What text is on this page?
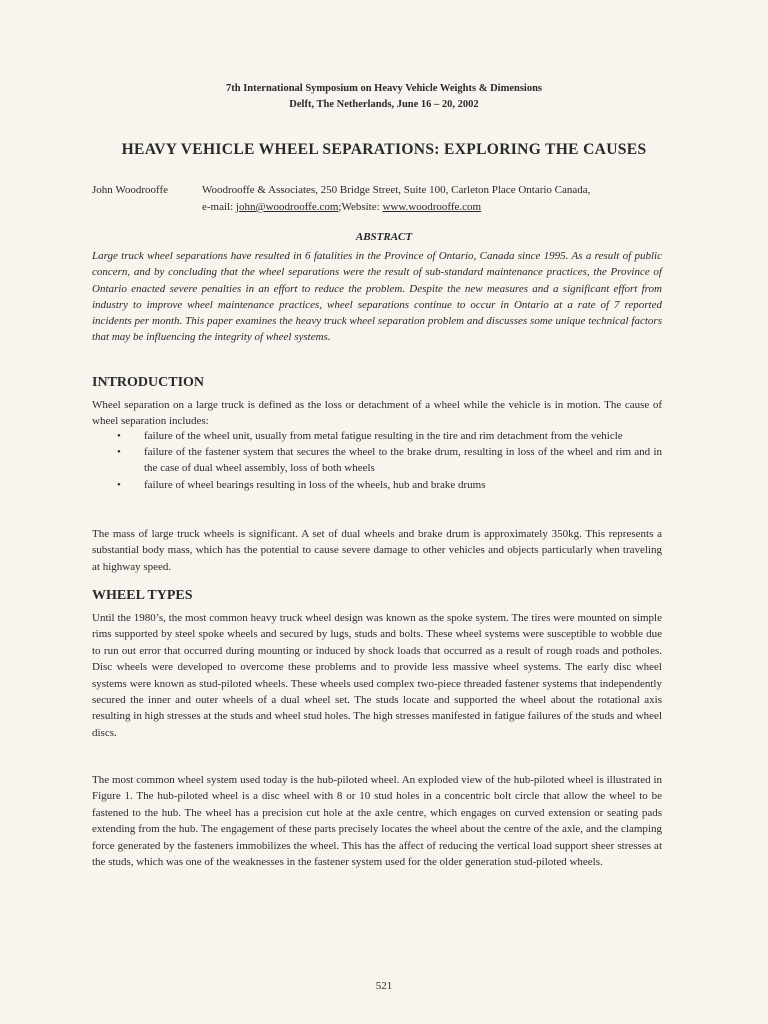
7th International Symposium on Heavy Vehicle Weights & Dimensions
Delft, The Netherlands, June 16 – 20, 2002
HEAVY VEHICLE WHEEL SEPARATIONS: EXPLORING THE CAUSES
John Woodrooffe	Woodrooffe & Associates, 250 Bridge Street, Suite 100, Carleton Place Ontario Canada,
e-mail: john@woodrooffe.com;Website: www.woodrooffe.com
ABSTRACT
Large truck wheel separations have resulted in 6 fatalities in the Province of Ontario, Canada since 1995. As a result of public concern, and by concluding that the wheel separations were the result of sub-standard maintenance practices, the Province of Ontario enacted severe penalties in an effort to reduce the problem. Despite the new measures and a significant effort from industry to improve wheel maintenance practices, wheel separations continue to occur in Ontario at a rate of 7 reported incidents per month. This paper examines the heavy truck wheel separation problem and discusses some unique technical factors that may be influencing the integrity of wheel systems.
INTRODUCTION
Wheel separation on a large truck is defined as the loss or detachment of a wheel while the vehicle is in motion. The cause of wheel separation includes:
• failure of the wheel unit, usually from metal fatigue resulting in the tire and rim detachment from the vehicle
• failure of the fastener system that secures the wheel to the brake drum, resulting in loss of the wheel and rim and in the case of dual wheel assembly, loss of both wheels
• failure of wheel bearings resulting in loss of the wheels, hub and brake drums
The mass of large truck wheels is significant. A set of dual wheels and brake drum is approximately 350kg. This represents a substantial body mass, which has the potential to cause severe damage to other vehicles and objects particularly when traveling at highway speed.
WHEEL TYPES
Until the 1980’s, the most common heavy truck wheel design was known as the spoke system. The tires were mounted on simple rims supported by steel spoke wheels and secured by lugs, studs and bolts. These wheel systems were susceptible to wobble due to run out error that occurred during mounting or induced by shock loads that occurred as a result of rough roads and potholes. Disc wheels were developed to overcome these problems and to provide less massive wheel systems. The early disc wheel systems were known as stud-piloted wheels. These wheels used complex two-piece threaded fastener systems that independently secured the inner and outer wheels of a dual wheel set. The studs locate and supported the wheel about the rotational axis resulting in high stresses at the studs and wheel stud holes. The high stresses manifested in fatigue failures of the studs and wheel discs.
The most common wheel system used today is the hub-piloted wheel. An exploded view of the hub-piloted wheel is illustrated in Figure 1. The hub-piloted wheel is a disc wheel with 8 or 10 stud holes in a concentric bolt circle that allow the wheel to be fastened to the hub. The wheel has a precision cut hole at the axle centre, which engages on curved extension or seating pads extending from the hub. The engagement of these parts precisely locates the wheel about the centre of the axle, and the clamping force generated by the fasteners immobilizes the wheel. This has the affect of reducing the vertical load support sheer stresses at the studs, which was one of the weaknesses in the fastener system used for the older generation stud-piloted wheels.
521
